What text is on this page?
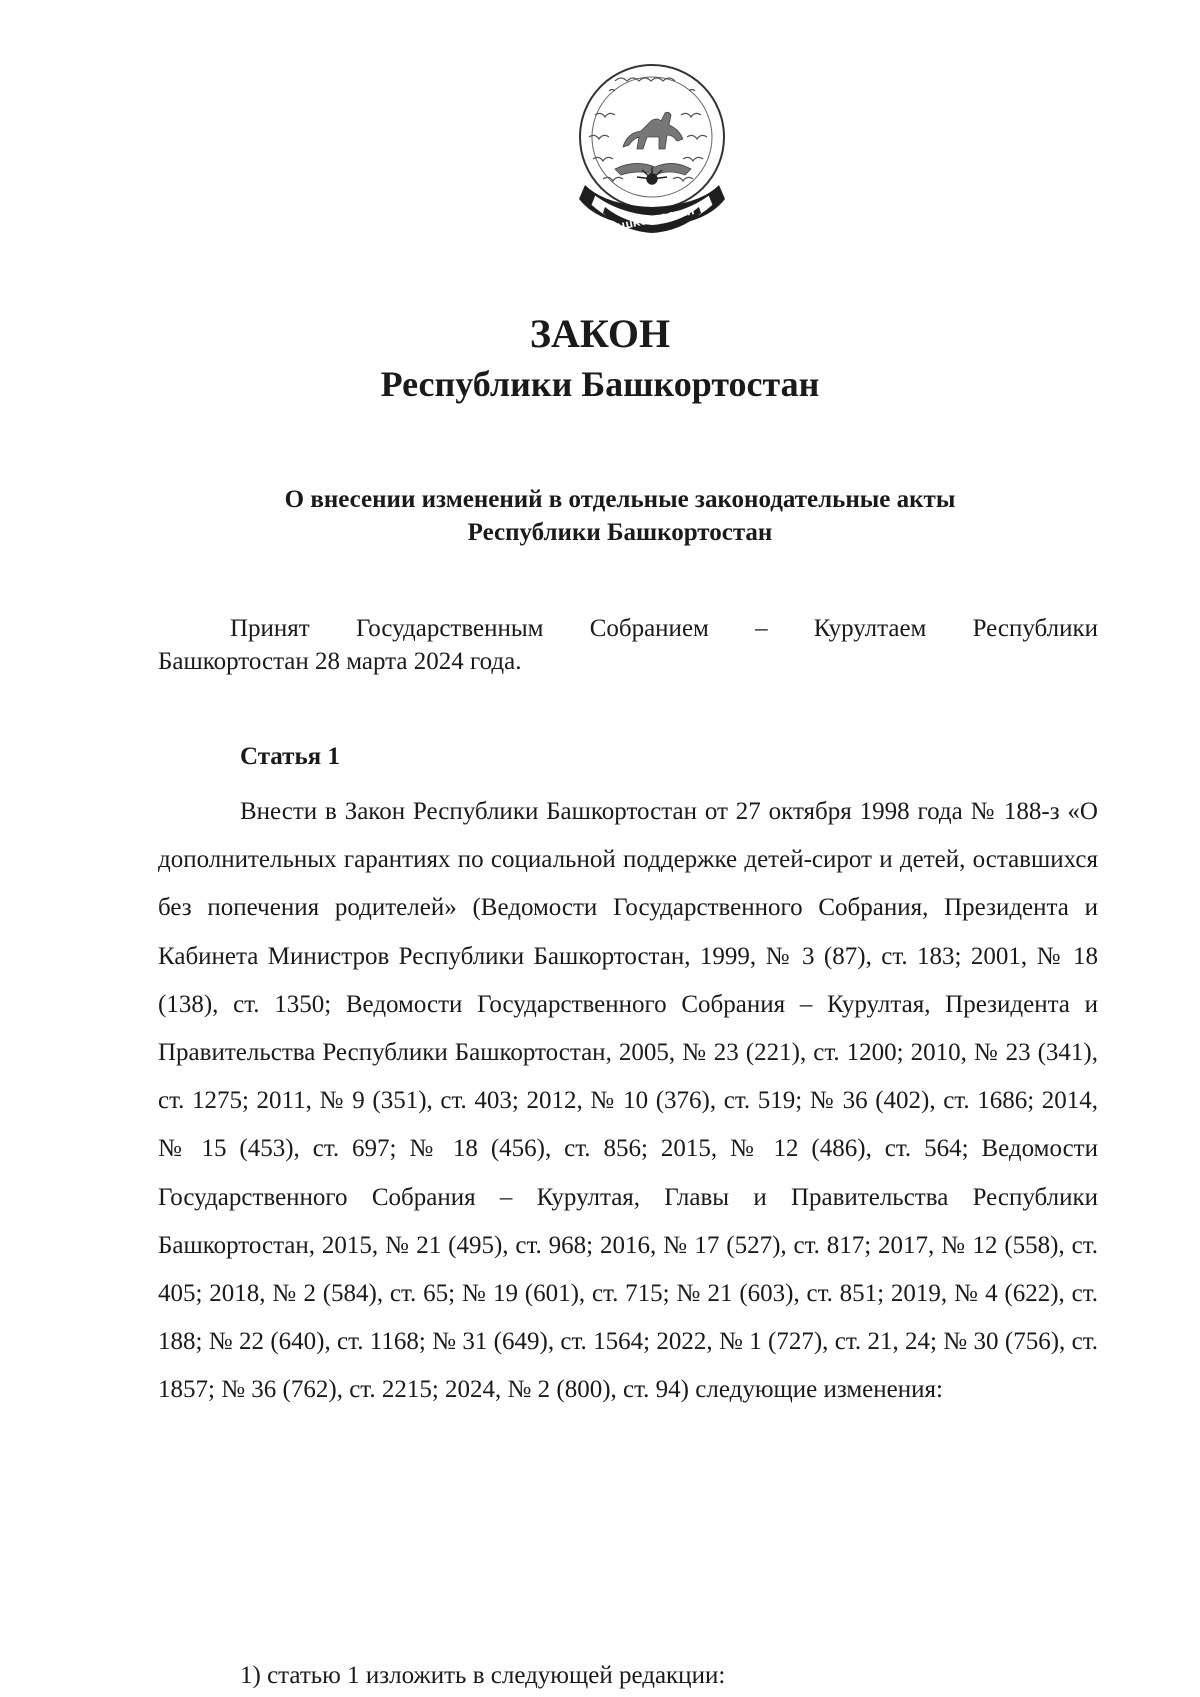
БАШКОРТОСТАН
ЗАКОН
Республики Башкортостан
О внесении изменений в отдельные законодательные акты Республики Башкортостан
Принят Государственным Собранием – Курултаем Республики
Башкортостан 28 марта 2024 года.
Статья 1
Внести в Закон Республики Башкортостан от 27 октября 1998 года № 188-з «О дополнительных гарантиях по социальной поддержке детей-сирот и детей, оставшихся без попечения родителей» (Ведомости Государственного Собрания, Президента и Кабинета Министров Республики Башкортостан, 1999, № 3 (87), ст. 183; 2001, № 18 (138), ст. 1350; Ведомости Государственного Собрания – Курултая, Президента и Правительства Республики Башкортостан, 2005, № 23 (221), ст. 1200; 2010, № 23 (341), ст. 1275; 2011, № 9 (351), ст. 403; 2012, № 10 (376), ст. 519; № 36 (402), ст. 1686; 2014, № 15 (453), ст. 697; № 18 (456), ст. 856; 2015, № 12 (486), ст. 564; Ведомости Государственного Собрания – Курултая, Главы и Правительства Республики Башкортостан, 2015, № 21 (495), ст. 968; 2016, № 17 (527), ст. 817; 2017, № 12 (558), ст. 405; 2018, № 2 (584), ст. 65; № 19 (601), ст. 715; № 21 (603), ст. 851; 2019, № 4 (622), ст. 188; № 22 (640), ст. 1168; № 31 (649), ст. 1564; 2022, № 1 (727), ст. 21, 24; № 30 (756), ст. 1857; № 36 (762), ст. 2215; 2024, № 2 (800), ст. 94) следующие изменения:
1) статью 1 изложить в следующей редакции:
